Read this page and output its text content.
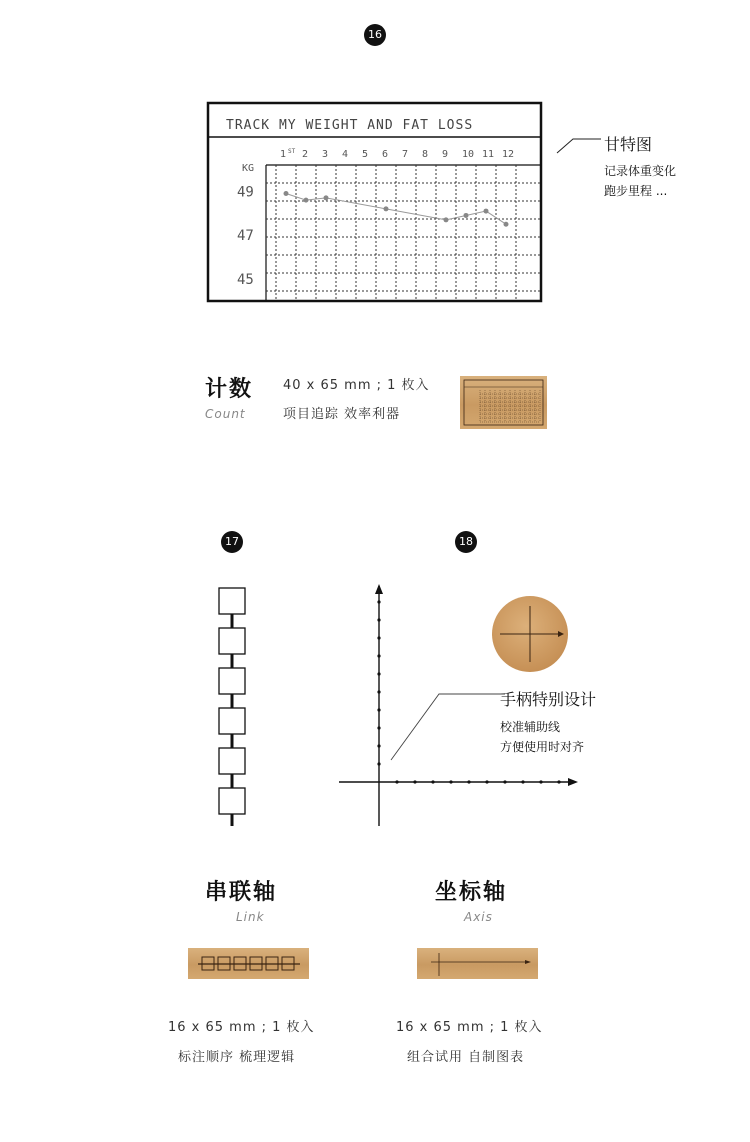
16
TRACK MY WEIGHT AND FAT LOSS
KG
1 2 3 4 5 6 7 8 9 10 11 12
ST
49
47
45
甘特图
记录体重变化
跑步里程 ...
计数
Count
40 x 65 mm ; 1 枚入
项目追踪 效率利器
17	18
手柄特别设计
校准辅助线
方便使用时对齐
串联轴
Link
16 x 65 mm ; 1 枚入
标注顺序 梳理逻辑
坐标轴
Axis
16 x 65 mm ; 1 枚入
组合试用 自制图表
